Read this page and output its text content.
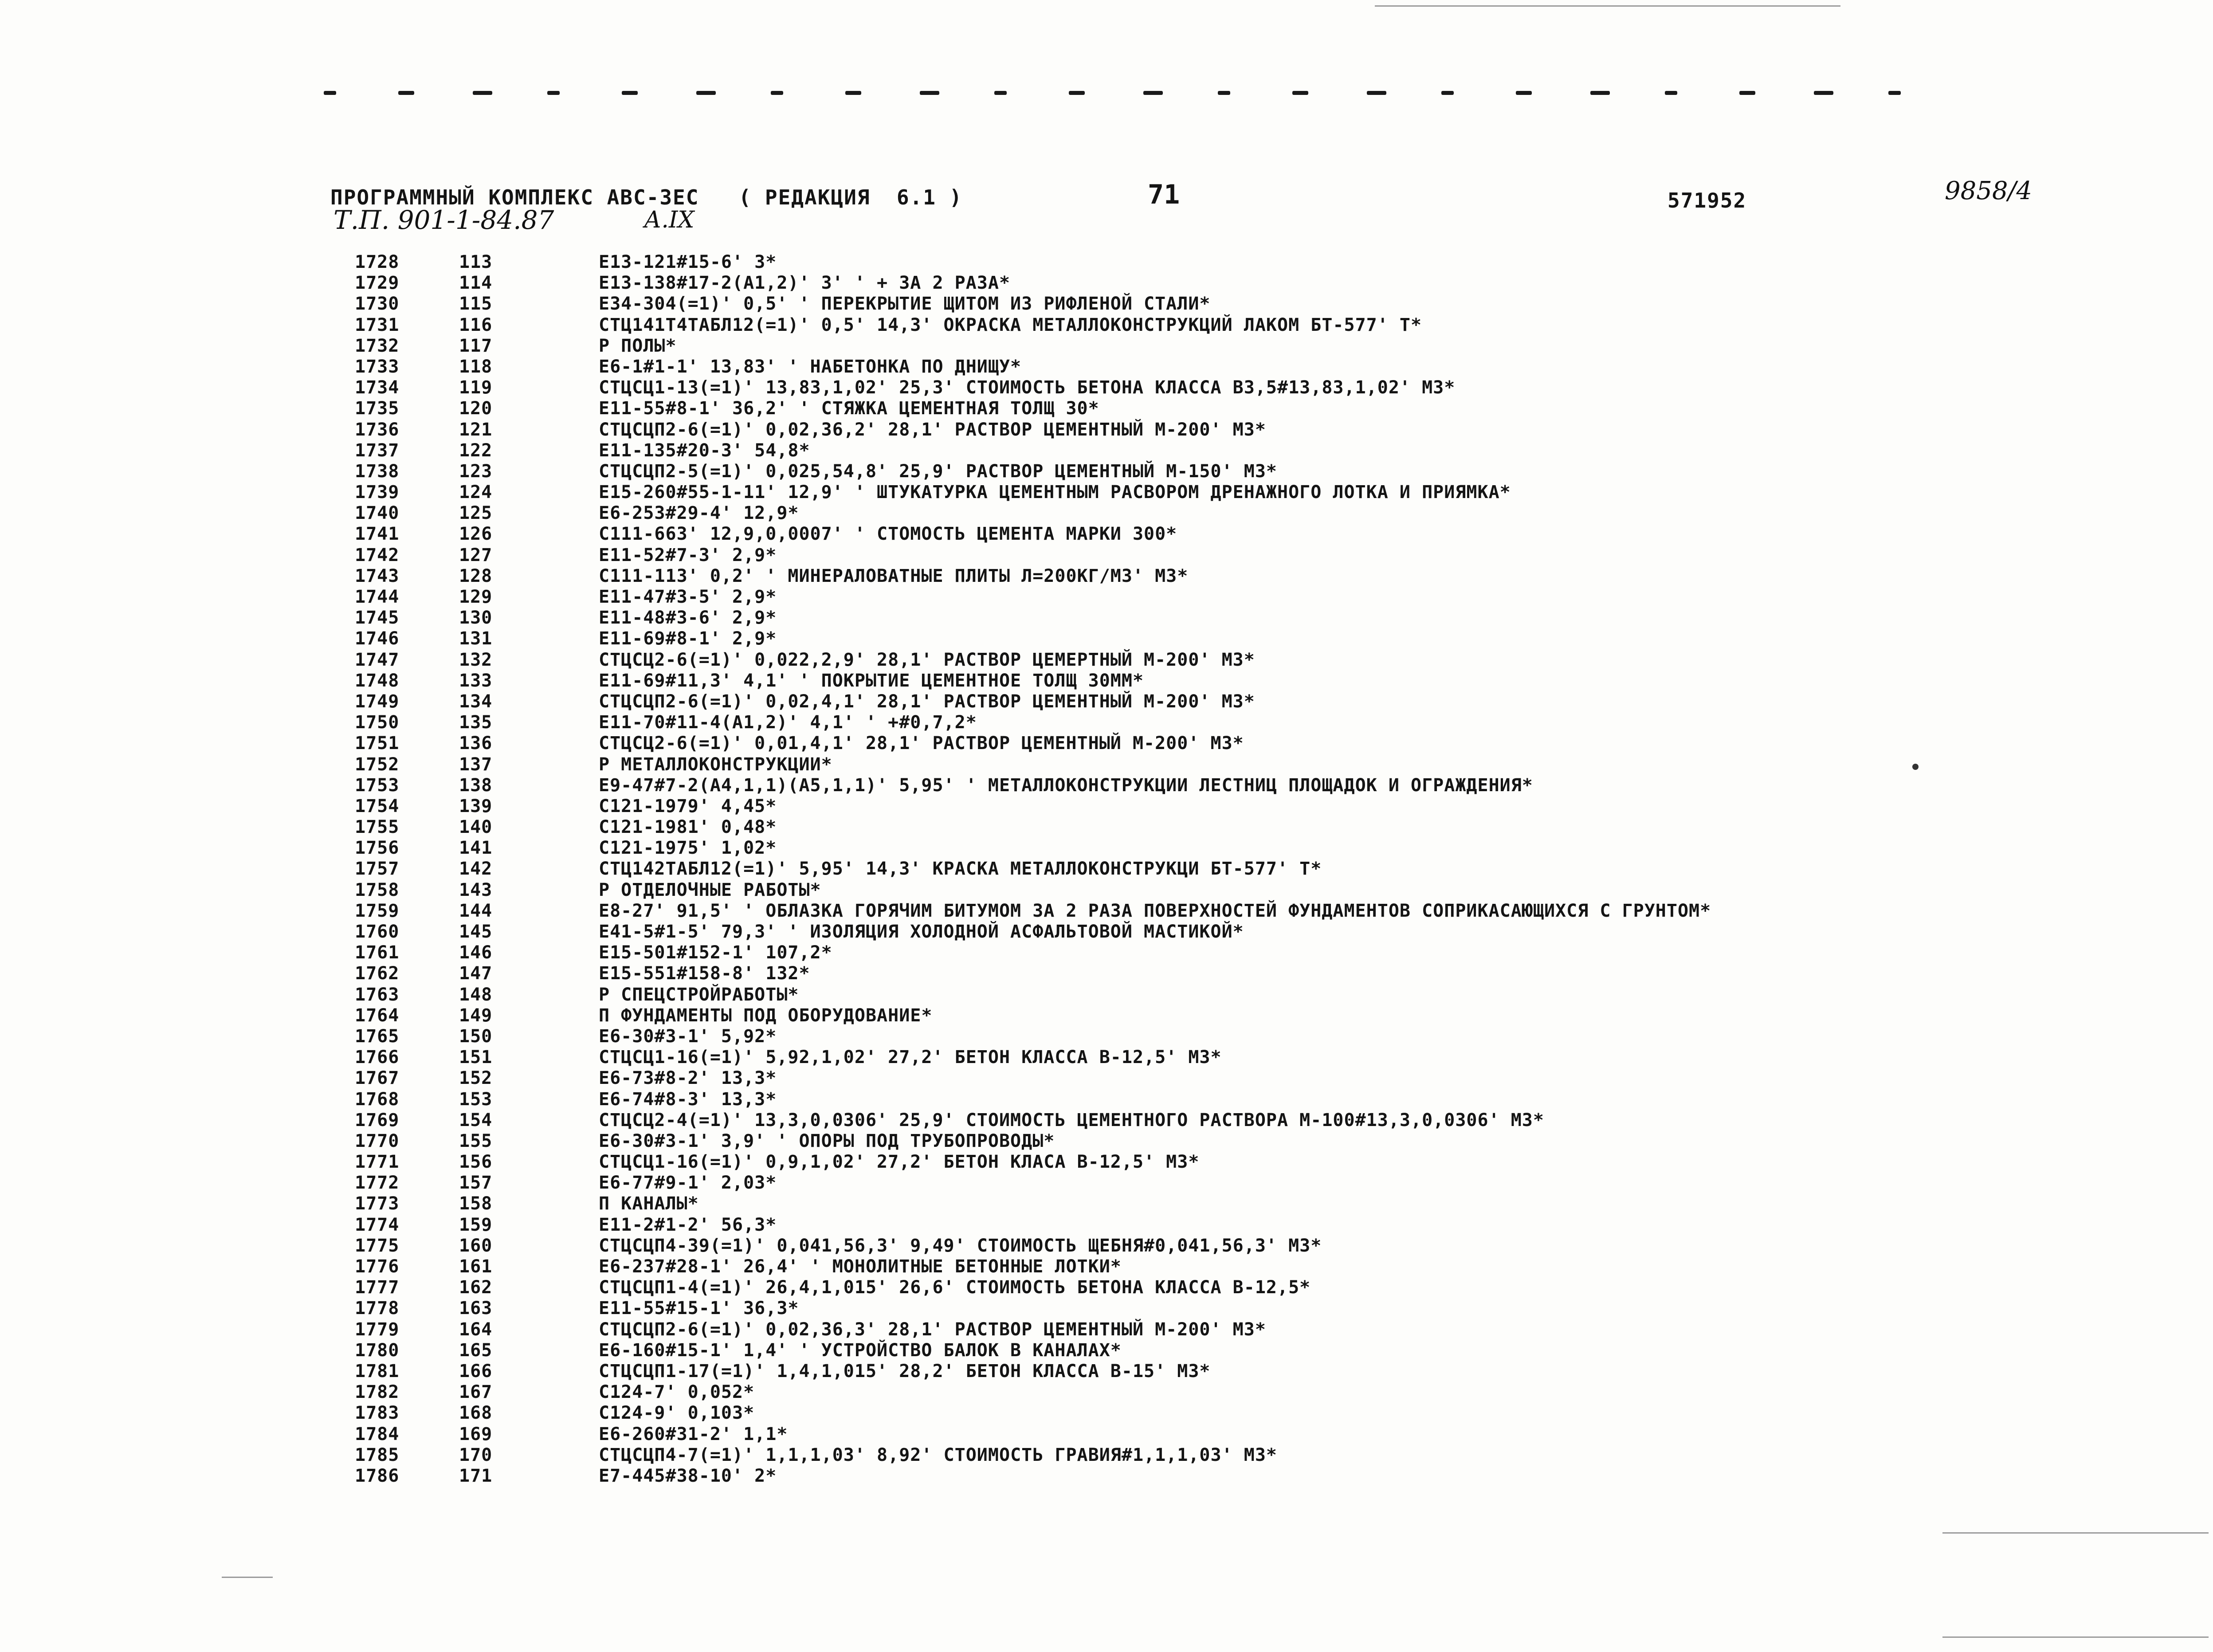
ПРОГРАММНЫЙ КОМПЛЕКС АВС-3ЕС   ( РЕДАКЦИЯ  6.1 )	71	571952
Т.П. 901-1-84.87	А.IX
9858/4
1728	113	E13-121#15-6' 3*
1729	114	E13-138#17-2(A1,2)' 3' ' + ЗА 2 РАЗА*
1730	115	E34-304(=1)' 0,5' ' ПЕРЕКРЫТИЕ ЩИТОМ ИЗ РИФЛЕНОЙ СТАЛИ*
1731	116	СТЦ141Т4ТАБЛ12(=1)' 0,5' 14,3' ОКРАСКА МЕТАЛЛОКОНСТРУКЦИЙ ЛАКОМ БТ-577' Т*
1732	117	Р ПОЛЫ*
1733	118	E6-1#1-1' 13,83' ' НАБЕТОНКА ПО ДНИЩУ*
1734	119	СТЦСЦ1-13(=1)' 13,83,1,02' 25,3' СТОИМОСТЬ БЕТОНА КЛАССА В3,5#13,83,1,02' М3*
1735	120	E11-55#8-1' 36,2' ' СТЯЖКА ЦЕМЕНТНАЯ ТОЛЩ 30*
1736	121	СТЦСЦП2-6(=1)' 0,02,36,2' 28,1' РАСТВОР ЦЕМЕНТНЫЙ М-200' М3*
1737	122	E11-135#20-3' 54,8*
1738	123	СТЦСЦП2-5(=1)' 0,025,54,8' 25,9' РАСТВОР ЦЕМЕНТНЫЙ М-150' М3*
1739	124	E15-260#55-1-11' 12,9' ' ШТУКАТУРКА ЦЕМЕНТНЫМ РАСВОРОМ ДРЕНАЖНОГО ЛОТКА И ПРИЯМКА*
1740	125	E6-253#29-4' 12,9*
1741	126	С111-663' 12,9,0,0007' ' СТОМОСТЬ ЦЕМЕНТА МАРКИ 300*
1742	127	E11-52#7-3' 2,9*
1743	128	С111-113' 0,2' ' МИНЕРАЛОВАТНЫЕ ПЛИТЫ Л=200КГ/М3' М3*
1744	129	E11-47#3-5' 2,9*
1745	130	E11-48#3-6' 2,9*
1746	131	E11-69#8-1' 2,9*
1747	132	СТЦСЦ2-6(=1)' 0,022,2,9' 28,1' РАСТВОР ЦЕМЕРТНЫЙ М-200' М3*
1748	133	E11-69#11,3' 4,1' ' ПОКРЫТИЕ ЦЕМЕНТНОЕ ТОЛЩ 30ММ*
1749	134	СТЦСЦП2-6(=1)' 0,02,4,1' 28,1' РАСТВОР ЦЕМЕНТНЫЙ М-200' М3*
1750	135	E11-70#11-4(A1,2)' 4,1' ' +#0,7,2*
1751	136	СТЦСЦ2-6(=1)' 0,01,4,1' 28,1' РАСТВОР ЦЕМЕНТНЫЙ М-200' М3*
1752	137	Р МЕТАЛЛОКОНСТРУКЦИИ*
1753	138	E9-47#7-2(A4,1,1)(A5,1,1)' 5,95' ' МЕТАЛЛОКОНСТРУКЦИИ ЛЕСТНИЦ ПЛОЩАДОК И ОГРАЖДЕНИЯ*
1754	139	С121-1979' 4,45*
1755	140	С121-1981' 0,48*
1756	141	С121-1975' 1,02*
1757	142	СТЦ142ТАБЛ12(=1)' 5,95' 14,3' КРАСКА МЕТАЛЛОКОНСТРУКЦИ БТ-577' Т*
1758	143	Р ОТДЕЛОЧНЫЕ РАБОТЫ*
1759	144	E8-27' 91,5' ' ОБЛАЗКА ГОРЯЧИМ БИТУМОМ ЗА 2 РАЗА ПОВЕРХНОСТЕЙ ФУНДАМЕНТОВ СОПРИКАСАЮЩИХСЯ С ГРУНТОМ*
1760	145	E41-5#1-5' 79,3' ' ИЗОЛЯЦИЯ ХОЛОДНОЙ АСФАЛЬТОВОЙ МАСТИКОЙ*
1761	146	E15-501#152-1' 107,2*
1762	147	E15-551#158-8' 132*
1763	148	Р СПЕЦСТРОЙРАБОТЫ*
1764	149	П ФУНДАМЕНТЫ ПОД ОБОРУДОВАНИЕ*
1765	150	E6-30#3-1' 5,92*
1766	151	СТЦСЦ1-16(=1)' 5,92,1,02' 27,2' БЕТОН КЛАССА В-12,5' М3*
1767	152	E6-73#8-2' 13,3*
1768	153	E6-74#8-3' 13,3*
1769	154	СТЦСЦ2-4(=1)' 13,3,0,0306' 25,9' СТОИМОСТЬ ЦЕМЕНТНОГО РАСТВОРА М-100#13,3,0,0306' М3*
1770	155	E6-30#3-1' 3,9' ' ОПОРЫ ПОД ТРУБОПРОВОДЫ*
1771	156	СТЦСЦ1-16(=1)' 0,9,1,02' 27,2' БЕТОН КЛАСА В-12,5' М3*
1772	157	E6-77#9-1' 2,03*
1773	158	П КАНАЛЫ*
1774	159	E11-2#1-2' 56,3*
1775	160	СТЦСЦП4-39(=1)' 0,041,56,3' 9,49' СТОИМОСТЬ ЩЕБНЯ#0,041,56,3' М3*
1776	161	E6-237#28-1' 26,4' ' МОНОЛИТНЫЕ БЕТОННЫЕ ЛОТКИ*
1777	162	СТЦСЦП1-4(=1)' 26,4,1,015' 26,6' СТОИМОСТЬ БЕТОНА КЛАССА В-12,5*
1778	163	E11-55#15-1' 36,3*
1779	164	СТЦСЦП2-6(=1)' 0,02,36,3' 28,1' РАСТВОР ЦЕМЕНТНЫЙ М-200' М3*
1780	165	E6-160#15-1' 1,4' ' УСТРОЙСТВО БАЛОК В КАНАЛАХ*
1781	166	СТЦСЦП1-17(=1)' 1,4,1,015' 28,2' БЕТОН КЛАССА В-15' М3*
1782	167	С124-7' 0,052*
1783	168	С124-9' 0,103*
1784	169	E6-260#31-2' 1,1*
1785	170	СТЦСЦП4-7(=1)' 1,1,1,03' 8,92' СТОИМОСТЬ ГРАВИЯ#1,1,1,03' М3*
1786	171	E7-445#38-10' 2*
